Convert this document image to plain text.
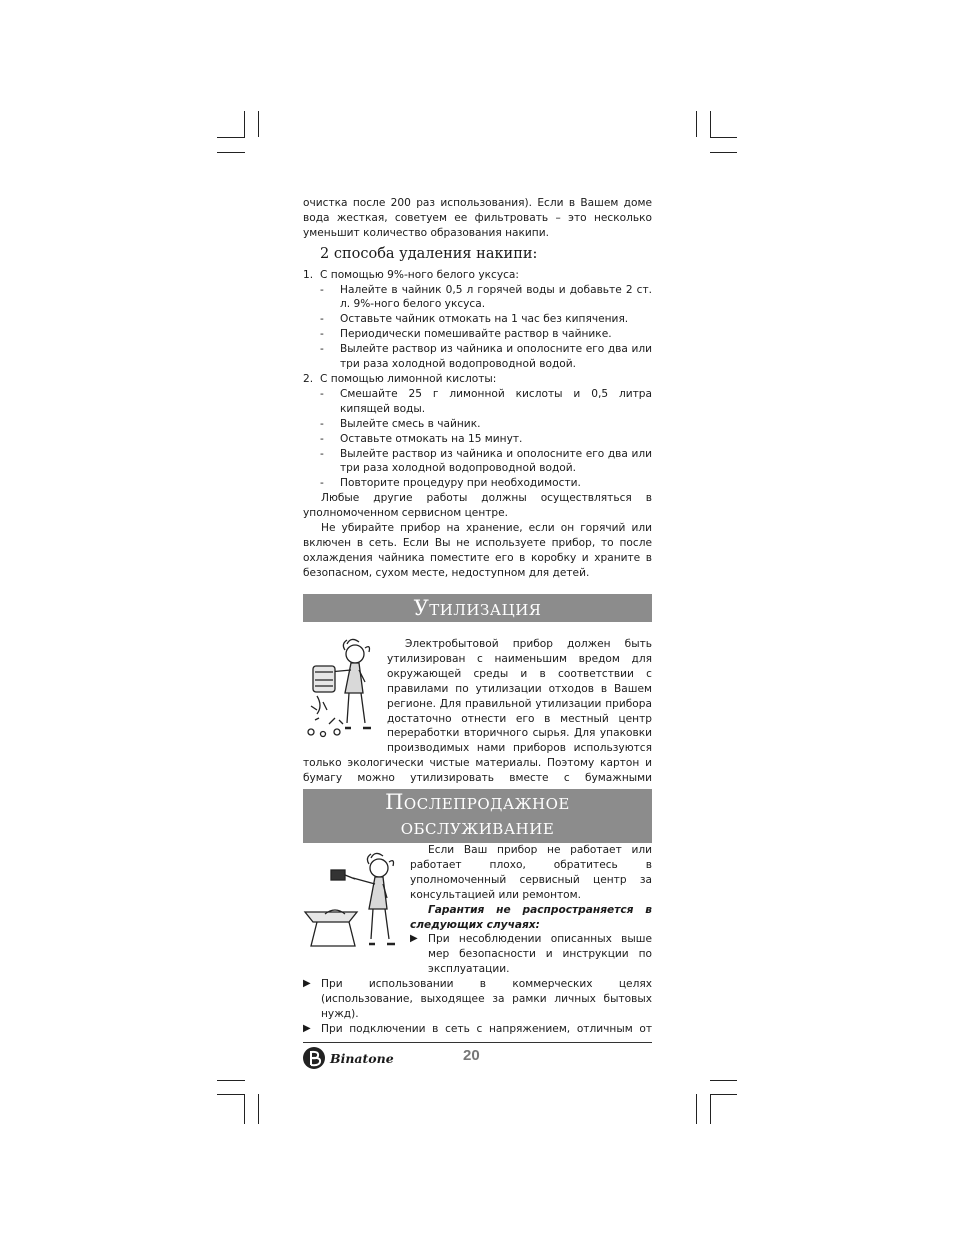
очистка после 200 раз использования). Если в Вашем доме вода жесткая, советуем ее фильтровать – это несколько уменьшит количество образования накипи.

2 способа удаления накипи:
1. С помощью 9%-ного белого уксуса:
-	Налейте в чайник 0,5 л горячей воды и добавьте 2 ст. л. 9%-ного белого уксуса.
-	Оставьте чайник отмокать на 1 час без кипячения.
-	Периодически помешивайте раствор в чайнике.
-	Вылейте раствор из чайника и ополосните его два или три раза холодной водопроводной водой.
2. С помощью лимонной кислоты:
-	Смешайте 25 г лимонной кислоты и 0,5 литра кипящей воды.
-	Вылейте смесь в чайник.
-	Оставьте отмокать на 15 минут.
-	Вылейте раствор из чайника и ополосните его два или три раза холодной водопроводной водой.
-	Повторите процедуру при необходимости.

Любые другие работы должны осуществляться в уполномоченном сервисном центре.

Не убирайте прибор на хранение, если он горячий или включен в сеть. Если Вы не используете прибор, то после охлаждения чайника поместите его в коробку и храните в безопасном, сухом месте, недоступном для детей.

Утилизация
Электробытовой прибор должен быть
утилизирован с наименьшим вредом для
окружающей среды и в соответствии с
правилами по утилизации отходов в Вашем
регионе. Для правильной утилизации прибора
достаточно отнести его в местный центр
переработки вторичного сырья. Для упаковки
производимых нами приборов используются
только экологически чистые материалы. Поэтому картон и
бумагу можно утилизировать вместе с бумажными
Послепродажное
обслуживание

Если Ваш прибор не работает или работает плохо, обратитесь в уполномоченный сервисный центр за консультацией или ремонтом.

Гарантия не распространяется в следующих случаях:

▶ При несоблюдении описанных выше мер безопасности и инструкции по эксплуатации.
▶ При использовании в коммерческих целях (использование, выходящее за рамки личных бытовых нужд).
▶ При подключении в сеть с напряжением, отличным от
Binatone	20
